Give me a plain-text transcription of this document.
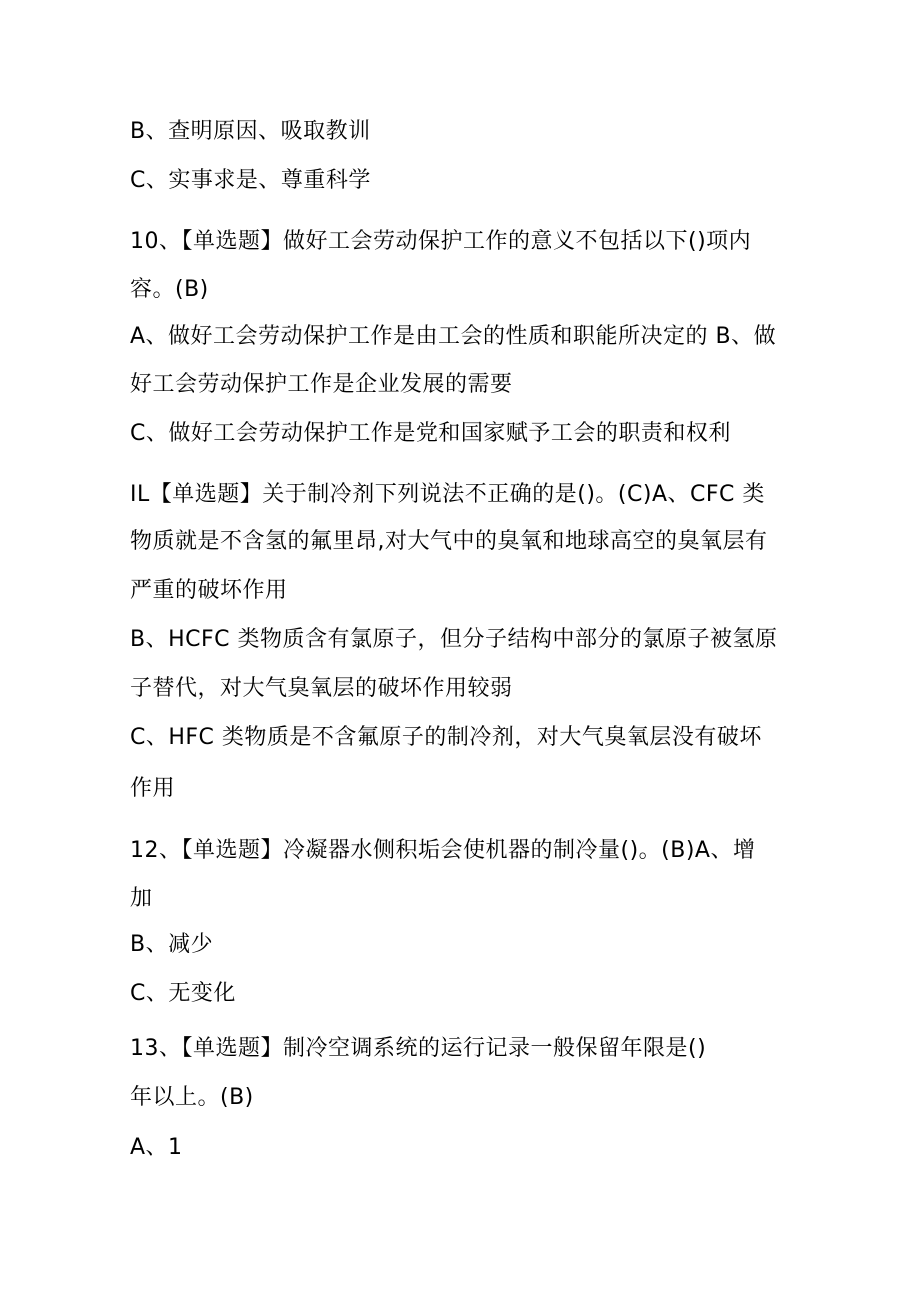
B、查明原因、吸取教训
C、实事求是、尊重科学
10、【单选题】做好工会劳动保护工作的意义不包括以下()项内
容。(B)
A、做好工会劳动保护工作是由工会的性质和职能所决定的 B、做
好工会劳动保护工作是企业发展的需要
C、做好工会劳动保护工作是党和国家赋予工会的职责和权利
IL【单选题】关于制冷剂下列说法不正确的是()。(C)A、CFC 类
物质就是不含氢的氟里昂,对大气中的臭氧和地球高空的臭氧层有
严重的破坏作用
B、HCFC 类物质含有氯原子，但分子结构中部分的氯原子被氢原
子替代，对大气臭氧层的破坏作用较弱
C、HFC 类物质是不含氟原子的制冷剂，对大气臭氧层没有破坏
作用
12、【单选题】冷凝器水侧积垢会使机器的制冷量()。(B)A、增
加
B、减少
C、无变化
13、【单选题】制冷空调系统的运行记录一般保留年限是()
年以上。(B)
A、1
